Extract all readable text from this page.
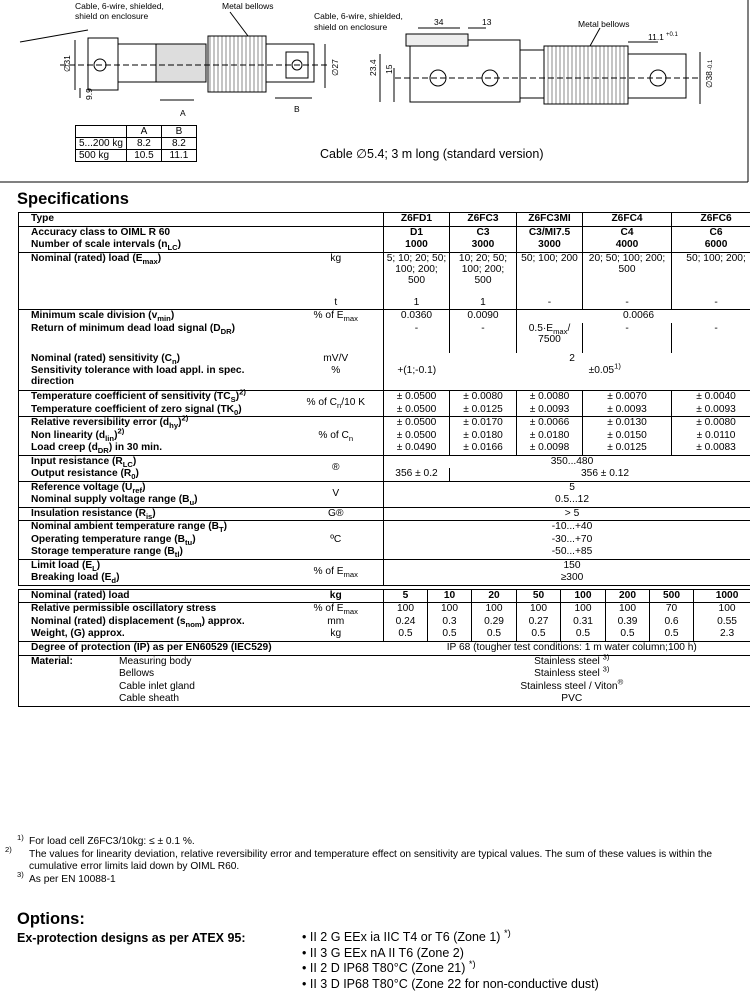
Cable, 6-wire, shielded,
shield on enclosure
Metal bellows
∅31	∅27
9.9
A	B
Cable, 6-wire, shielded,
shield on enclosure	Metal bellows
34	13
23.4 15
11.1 +0.1
∅38
-0.1
	A	B
5...200 kg	8.2	8.2
500 kg	10.5	11.1	Cable ∅5.4; 3 m long (standard version)
Specifications
Type		Z6FD1		Z6FC3		Z6FC3MI		Z6FC4			Z6FC6	
Accuracy class to OIML R 60		D1		C3		C3/MI7.5		C4			C6	
Number of scale intervals $(n_{LC})$		1000		3000		3000		4000			6000	
Nominal (rated) load $(E_{max})$	kg	5; 10; 20; 50; 100; 200; 500		10; 20; 50; 100; 200; 500		50; 100; 200		20; 50; 100; 200; 500			50; 100; 200;	
	t	1		1		-		-			-	
Minimum scale division $(v_{min})$	% of $E_{max}$	0.0360		0.0090		0.0066						
Return of minimum dead load signal $(D_{DR})$		-		-		$0.5\cdot E_{max}/$ 7500		-			-	
Nominal (rated) sensitivity $(C_n)$	mV/V	2										
Sensitivity tolerance with load appl. in spec. direction	%	+(1;-0.1)		$\pm 0.05^{1)}$
Temperature coefficient of sensitivity $(TC_S)^{2)}$	% of $C_n/10$ K	± 0.0500		± 0.0080		± 0.0080		± 0.0070			± 0.0040	
Temperature coefficient of zero signal $(TK_0)$		± 0.0500		± 0.0125		± 0.0093		± 0.0093			± 0.0093	
Relative reversibility error $(d_{hy})^{2)}$	% of $C_n$	± 0.0500		± 0.0170		± 0.0066		± 0.0130			± 0.0080	
Non linearity $(d_{lin})^{2)}$		± 0.0500		± 0.0180		± 0.0180		± 0.0150			± 0.0110	
Load creep $(d_{DR})$ in 30 min.		± 0.0490		± 0.0166		± 0.0098		± 0.0125			± 0.0083	
Input resistance $(R_{LC})$	®	350...480										
Output resistance $(R_0)$		356 ± 0.2		356 ± 0.12								
Reference voltage $(U_{ref})$	V	5										
Nominal supply voltage range $(B_u)$		0.5...12										
Insulation resistance $(R_{is})$	G®	> 5										
Nominal ambient temperature range $(B_T)$	ºC	-10...+40										
Operating temperature range $(B_{tu})$		-30...+70										
Storage temperature range $(B_{tl})$		-50...+85										
Limit load $(E_L)$	% of $E_{max}$	150										
Breaking load $(E_d)$		≥300										

Nominal (rated) load	kg	5	10		20	50	100		200	500		1000
Relative permissible oscillatory stress	% of $E_{max}$	100	100		100	100	100		100	70		100
Nominal (rated) displacement $(s_{nom})$ approx.	mm	0.24	0.3		0.29	0.27	0.31		0.39	0.6		0.55
Weight, (G) approx.	kg	0.5	0.5		0.5	0.5	0.5		0.5	0.5		2.3
Degree of protection (IP) as per EN60529 (IEC529)		IP 68 (tougher test conditions: 1 m water column;100 h)										
Material: Measuring body		Stainless steel $^{3)}$
Bellows		Stainless steel $^{3)}$
Cable inlet gland		Stainless steel / Viton®
Cable sheath		PVC										

$^{1)}$ For load cell Z6FC3/10kg: ≤ ± 0.1 %.

$^{2)}$ The values for linearity deviation, relative reversibility error and temperature effect on sensitivity are typical values. The sum of these values is within the cumulative error limits laid down by OIML R60.

$^{3)}$ As per EN 10088-1

Options:
Ex-protection designs as per ATEX 95:	• II 2 G EEx ia IIC T4 or T6 (Zone 1) *)
• II 3 G EEx nA II T6 (Zone 2)
• II 2 D IP68 T80°C (Zone 21) *)
• II 3 D IP68 T80°C (Zone 22 for non-conductive dust)
